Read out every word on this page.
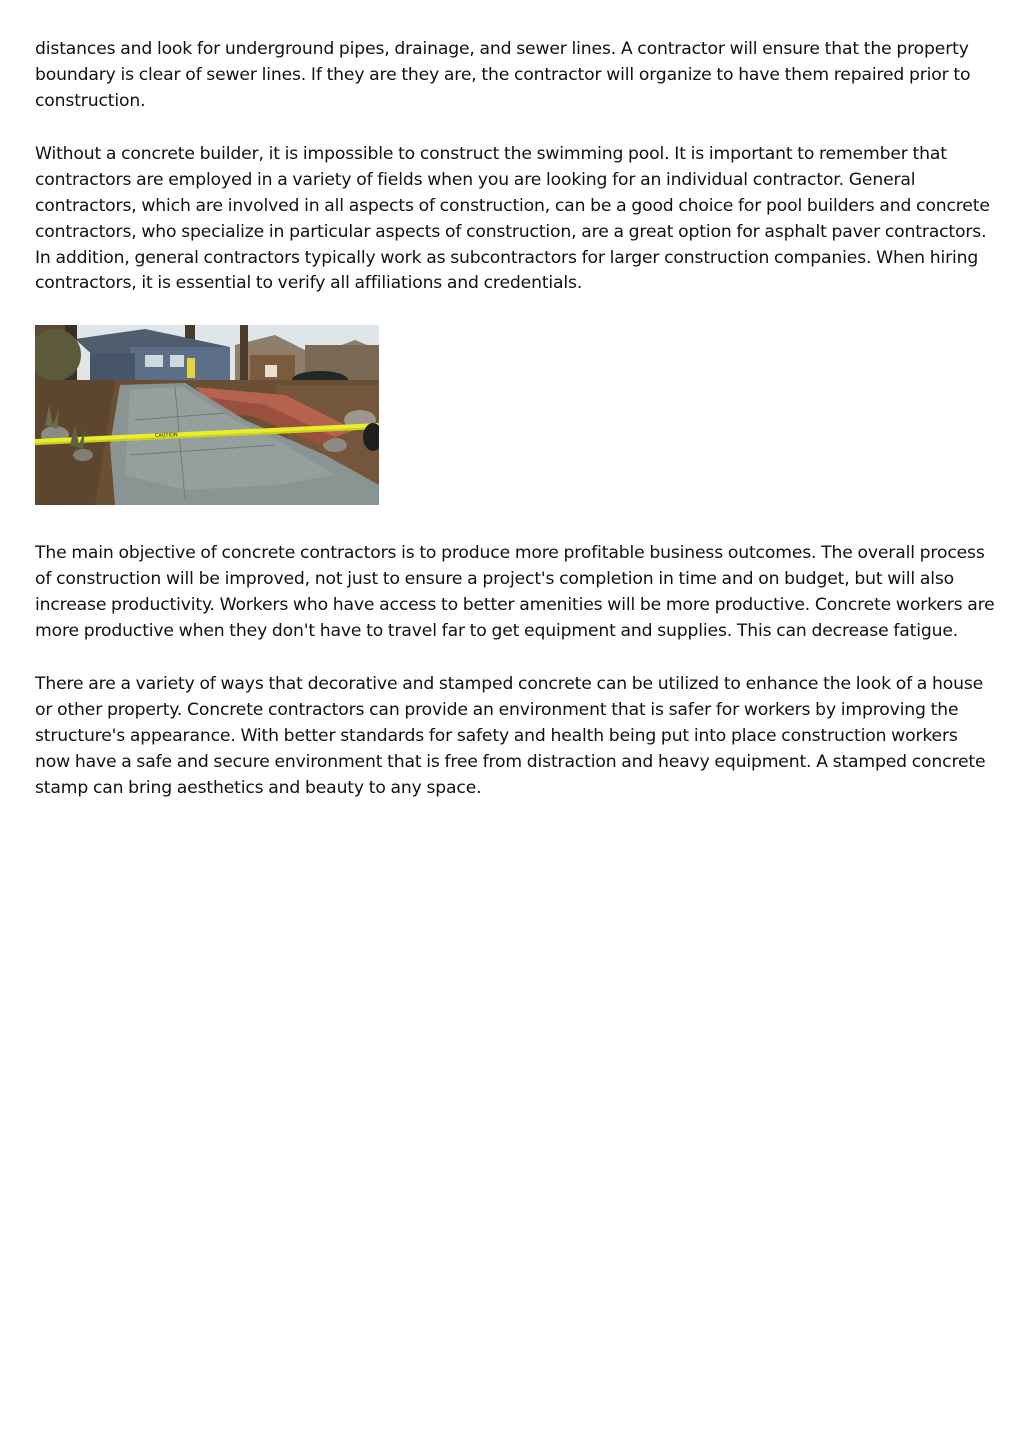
distances and look for underground pipes, drainage, and sewer lines. A contractor will ensure that the property boundary is clear of sewer lines. If they are they are, the contractor will organize to have them repaired prior to construction.

Without a concrete builder, it is impossible to construct the swimming pool. It is important to remember that contractors are employed in a variety of fields when you are looking for an individual contractor. General contractors, which are involved in all aspects of construction, can be a good choice for pool builders and concrete contractors, who specialize in particular aspects of construction, are a great option for asphalt paver contractors. In addition, general contractors typically work as subcontractors for larger construction companies. When hiring contractors, it is essential to verify all affiliations and credentials.

CAUTION

The main objective of concrete contractors is to produce more profitable business outcomes. The overall process of construction will be improved, not just to ensure a project's completion in time and on budget, but will also increase productivity. Workers who have access to better amenities will be more productive. Concrete workers are more productive when they don't have to travel far to get equipment and supplies. This can decrease fatigue.

There are a variety of ways that decorative and stamped concrete can be utilized to enhance the look of a house or other property. Concrete contractors can provide an environment that is safer for workers by improving the structure's appearance. With better standards for safety and health being put into place construction workers now have a safe and secure environment that is free from distraction and heavy equipment. A stamped concrete stamp can bring aesthetics and beauty to any space.
